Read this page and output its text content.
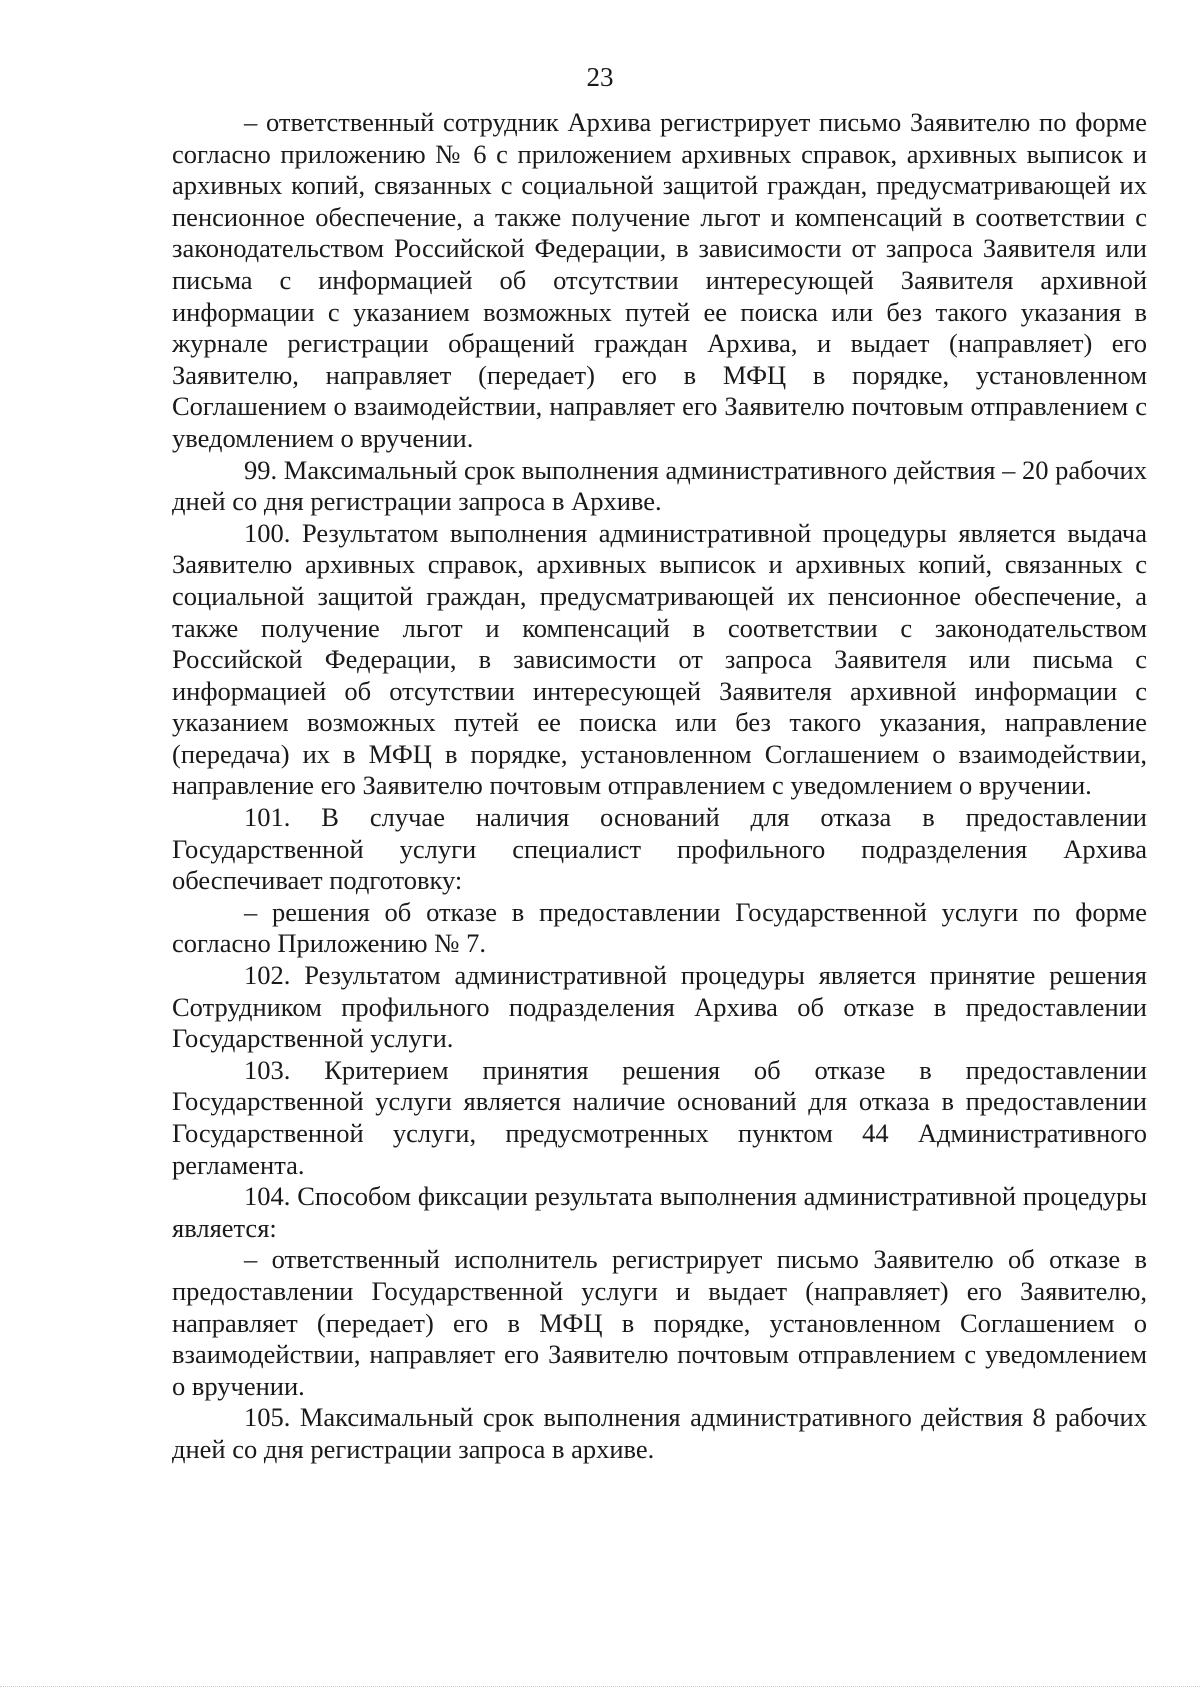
23

– ответственный сотрудник Архива регистрирует письмо Заявителю по форме согласно приложению № 6 с приложением архивных справок, архивных выписок и архивных копий, связанных с социальной защитой граждан, предусматривающей их пенсионное обеспечение, а также получение льгот и компенсаций в соответствии с законодательством Российской Федерации, в зависимости от запроса Заявителя или письма с информацией об отсутствии интересующей Заявителя архивной информации с указанием возможных путей ее поиска или без такого указания в журнале регистрации обращений граждан Архива, и выдает (направляет) его Заявителю, направляет (передает) его в МФЦ в порядке, установленном Соглашением о взаимодействии, направляет его Заявителю почтовым отправлением с уведомлением о вручении.

99. Максимальный срок выполнения административного действия – 20 рабочих дней со дня регистрации запроса в Архиве.

100. Результатом выполнения административной процедуры является выдача Заявителю архивных справок, архивных выписок и архивных копий, связанных с социальной защитой граждан, предусматривающей их пенсионное обеспечение, а также получение льгот и компенсаций в соответствии с законодательством Российской Федерации, в зависимости от запроса Заявителя или письма с информацией об отсутствии интересующей Заявителя архивной информации с указанием возможных путей ее поиска или без такого указания, направление (передача) их в МФЦ в порядке, установленном Соглашением о взаимодействии, направление его Заявителю почтовым отправлением с уведомлением о вручении.

101. В случае наличия оснований для отказа в предоставлении Государственной услуги специалист профильного подразделения Архива обеспечивает подготовку:

– решения об отказе в предоставлении Государственной услуги по форме согласно Приложению № 7.

102. Результатом административной процедуры является принятие решения Сотрудником профильного подразделения Архива об отказе в предоставлении Государственной услуги.

103. Критерием принятия решения об отказе в предоставлении Государственной услуги является наличие оснований для отказа в предоставлении Государственной услуги, предусмотренных пунктом 44 Административного регламента.

104. Способом фиксации результата выполнения административной процедуры является:

– ответственный исполнитель регистрирует письмо Заявителю об отказе в предоставлении Государственной услуги и выдает (направляет) его Заявителю, направляет (передает) его в МФЦ в порядке, установленном Соглашением о взаимодействии, направляет его Заявителю почтовым отправлением с уведомлением о вручении.

105. Максимальный срок выполнения административного действия 8 рабочих дней со дня регистрации запроса в архиве.
